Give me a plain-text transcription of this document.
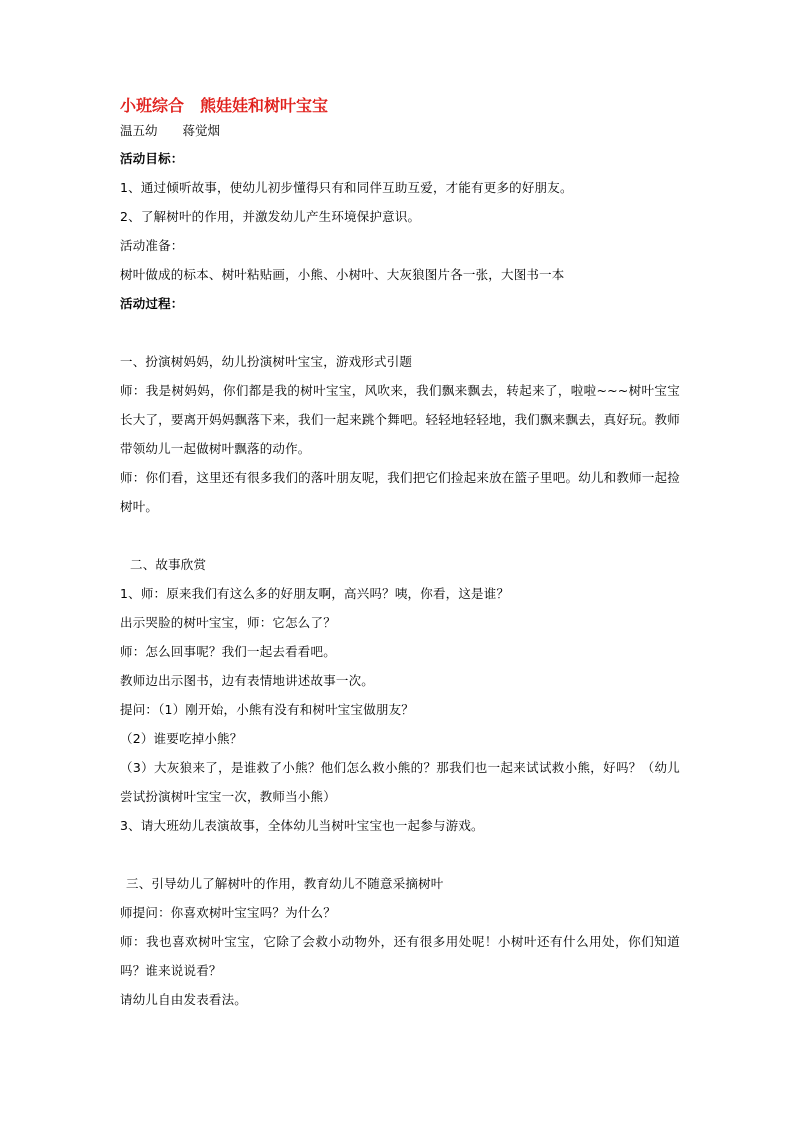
小班综合　熊娃娃和树叶宝宝
温五幼　　蒋觉烟
活动目标：
1、通过倾听故事，使幼儿初步懂得只有和同伴互助互爱，才能有更多的好朋友。
2、了解树叶的作用，并激发幼儿产生环境保护意识。
活动准备：
树叶做成的标本、树叶粘贴画，小熊、小树叶、大灰狼图片各一张，大图书一本
活动过程：
一、扮演树妈妈，幼儿扮演树叶宝宝，游戏形式引题
师：我是树妈妈，你们都是我的树叶宝宝，风吹来，我们飘来飘去，转起来了，啦啦~~~树叶宝宝长大了，要离开妈妈飘落下来，我们一起来跳个舞吧。轻轻地轻轻地，我们飘来飘去，真好玩。教师带领幼儿一起做树叶飘落的动作。
师：你们看，这里还有很多我们的落叶朋友呢，我们把它们捡起来放在篮子里吧。幼儿和教师一起捡树叶。
二、故事欣赏
1、师：原来我们有这么多的好朋友啊，高兴吗？咦，你看，这是谁？
出示哭脸的树叶宝宝，师：它怎么了？
师：怎么回事呢？我们一起去看看吧。
教师边出示图书，边有表情地讲述故事一次。
提问：（1）刚开始，小熊有没有和树叶宝宝做朋友？
（2）谁要吃掉小熊？
（3）大灰狼来了，是谁救了小熊？他们怎么救小熊的？那我们也一起来试试救小熊，好吗？（幼儿尝试扮演树叶宝宝一次，教师当小熊）
3、请大班幼儿表演故事，全体幼儿当树叶宝宝也一起参与游戏。
三、引导幼儿了解树叶的作用，教育幼儿不随意采摘树叶
师提问：你喜欢树叶宝宝吗？为什么？
师：我也喜欢树叶宝宝，它除了会救小动物外，还有很多用处呢！小树叶还有什么用处，你们知道吗？谁来说说看？
请幼儿自由发表看法。
